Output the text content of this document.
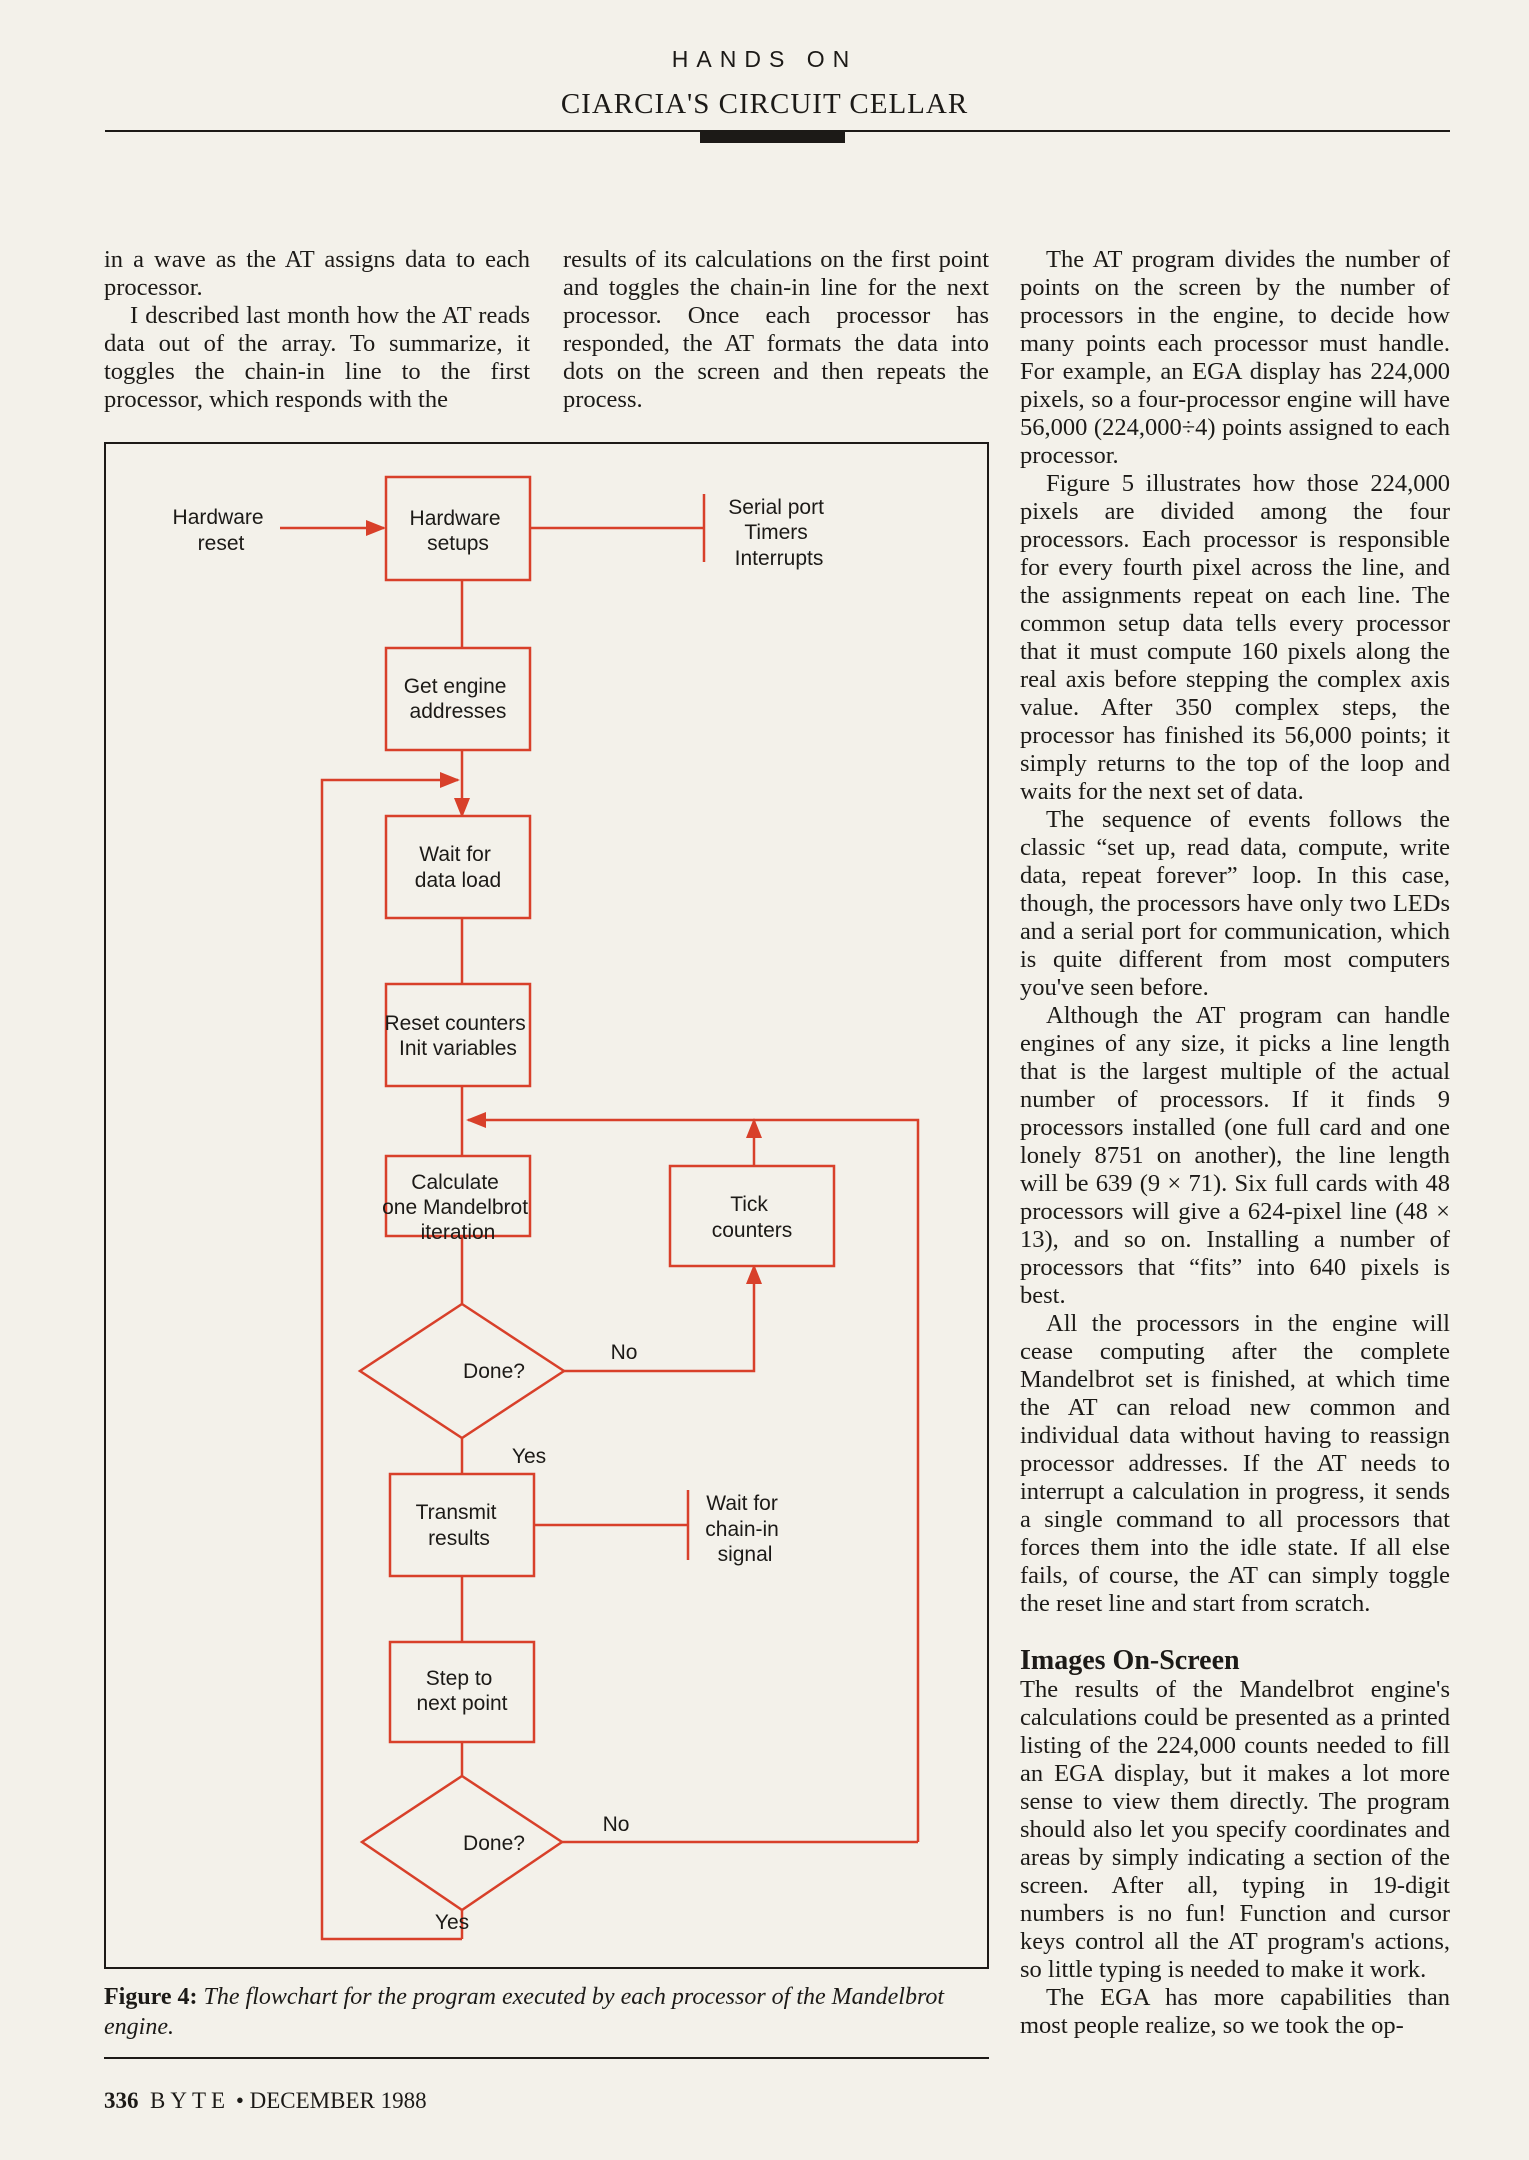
HANDS ON
CIARCIA'S CIRCUIT CELLAR

in a wave as the AT assigns data to each processor.

I described last month how the AT reads data out of the array. To summarize, it toggles the chain-in line to the first processor, which responds with the

results of its calculations on the first point and toggles the chain-in line for the next processor. Once each processor has responded, the AT formats the data into dots on the screen and then repeats the process.

The AT program divides the number of points on the screen by the number of processors in the engine, to decide how many points each processor must handle. For example, an EGA display has 224,000 pixels, so a four-processor engine will have 56,000 (224,000÷4) points assigned to each processor.

Figure 5 illustrates how those 224,000 pixels are divided among the four processors. Each processor is responsible for every fourth pixel across the line, and the assignments repeat on each line. The common setup data tells every processor that it must compute 160 pixels along the real axis before stepping the complex axis value. After 350 complex steps, the processor has finished its 56,000 points; it simply returns to the top of the loop and waits for the next set of data.

The sequence of events follows the classic “set up, read data, compute, write data, repeat forever” loop. In this case, though, the processors have only two LEDs and a serial port for communication, which is quite different from most computers you've seen before.

Although the AT program can handle engines of any size, it picks a line length that is the largest multiple of the actual number of processors. If it finds 9 processors installed (one full card and one lonely 8751 on another), the line length will be 639 (9 × 71). Six full cards with 48 processors will give a 624-pixel line (48 × 13), and so on. Installing a number of processors that “fits” into 640 pixels is best.

All the processors in the engine will cease computing after the complete Mandelbrot set is finished, at which time the AT can reload new common and individual data without having to reassign processor addresses. If the AT needs to interrupt a calculation in progress, it sends a single command to all processors that forces them into the idle state. If all else fails, of course, the AT can simply toggle the reset line and start from scratch.

Images On-Screen

The results of the Mandelbrot engine's calculations could be presented as a printed listing of the 224,000 counts needed to fill an EGA display, but it makes a lot more sense to view them directly. The program should also let you specify coordinates and areas by simply indicating a section of the screen. After all, typing in 19-digit numbers is no fun! Function and cursor keys control all the AT program's actions, so little typing is needed to make it work.

The EGA has more capabilities than most people realize, so we took the op-

Hardware reset
Hardware setups
Serial port Timers Interrupts
Get engine addresses
Wait for data load
Reset counters Init variables
Calculate one Mandelbrot iteration
Tick counters
Done?
No
Yes
Transmit results
Wait for chain-in signal
Step to next point
Done?
No
Yes
Figure 4: The flowchart for the program executed by each processor of the Mandelbrot engine.
336 BYTE • DECEMBER 1988
